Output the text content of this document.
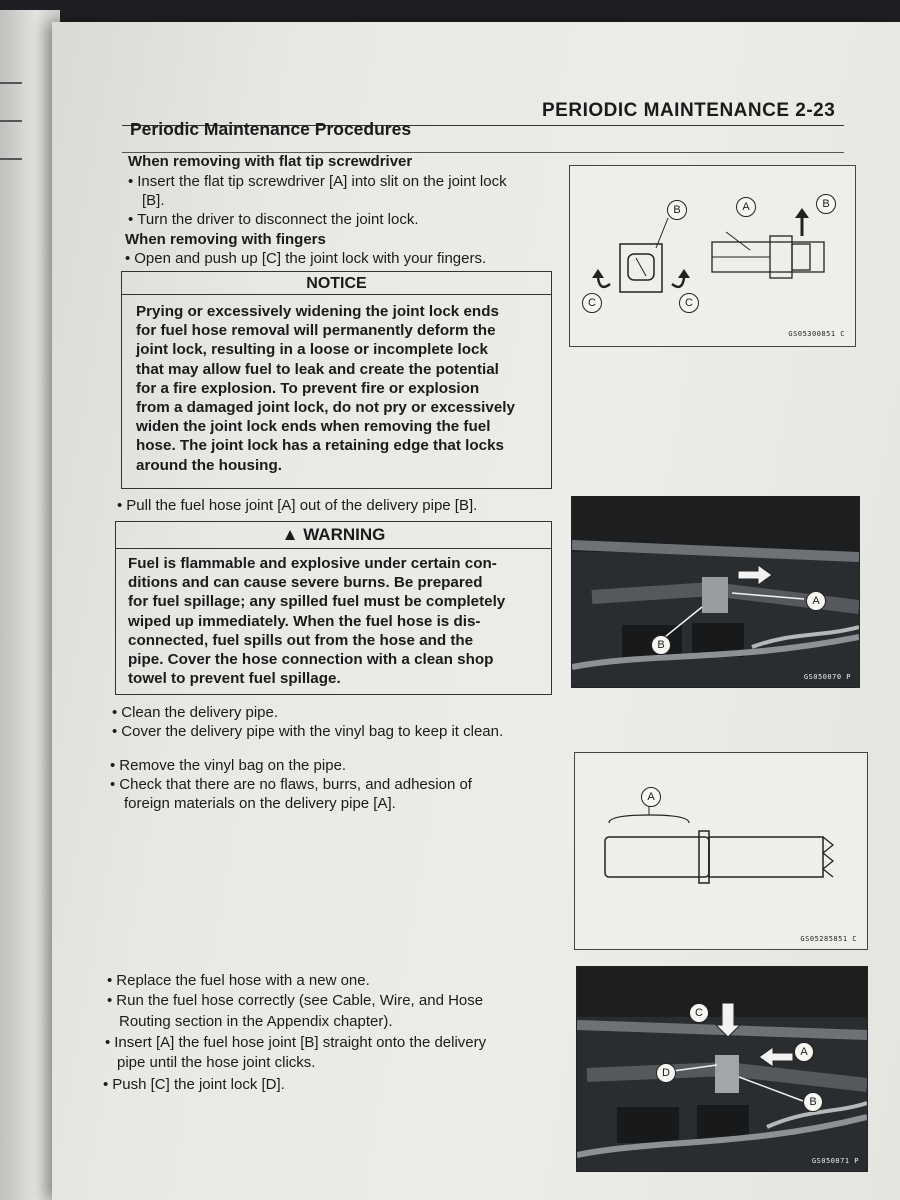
PERIODIC MAINTENANCE 2-23
Periodic Maintenance Procedures
When removing with flat tip screwdriver
• Insert the flat tip screwdriver [A] into slit on the joint lock
[B].
• Turn the driver to disconnect the joint lock.
When removing with fingers
• Open and push up [C] the joint lock with your fingers.
NOTICE
Prying or excessively widening the joint lock ends
for fuel hose removal will permanently deform the
joint lock, resulting in a loose or incomplete lock
that may allow fuel to leak and create the potential
for a fire explosion. To prevent fire or explosion
from a damaged joint lock, do not pry or excessively
widen the joint lock ends when removing the fuel
hose. The joint lock has a retaining edge that locks
around the housing.
B	A	B
C	C
GS05300851 C
• Pull the fuel hose joint [A] out of the delivery pipe [B].
▲ WARNING
Fuel is flammable and explosive under certain con-
ditions and can cause severe burns. Be prepared
for fuel spillage; any spilled fuel must be completely
wiped up immediately. When the fuel hose is dis-
connected, fuel spills out from the hose and the
pipe. Cover the hose connection with a clean shop
towel to prevent fuel spillage.
A
B
GS050070 P
• Clean the delivery pipe.
• Cover the delivery pipe with the vinyl bag to keep it clean.
• Remove the vinyl bag on the pipe.
• Check that there are no flaws, burrs, and adhesion of
foreign materials on the delivery pipe [A].	A
GS05285851 C
• Replace the fuel hose with a new one.
• Run the fuel hose correctly (see Cable, Wire, and Hose
Routing section in the Appendix chapter).
• Insert [A] the fuel hose joint [B] straight onto the delivery
pipe until the hose joint clicks.
• Push [C] the joint lock [D].
C
A
D
B
GS050071 P
